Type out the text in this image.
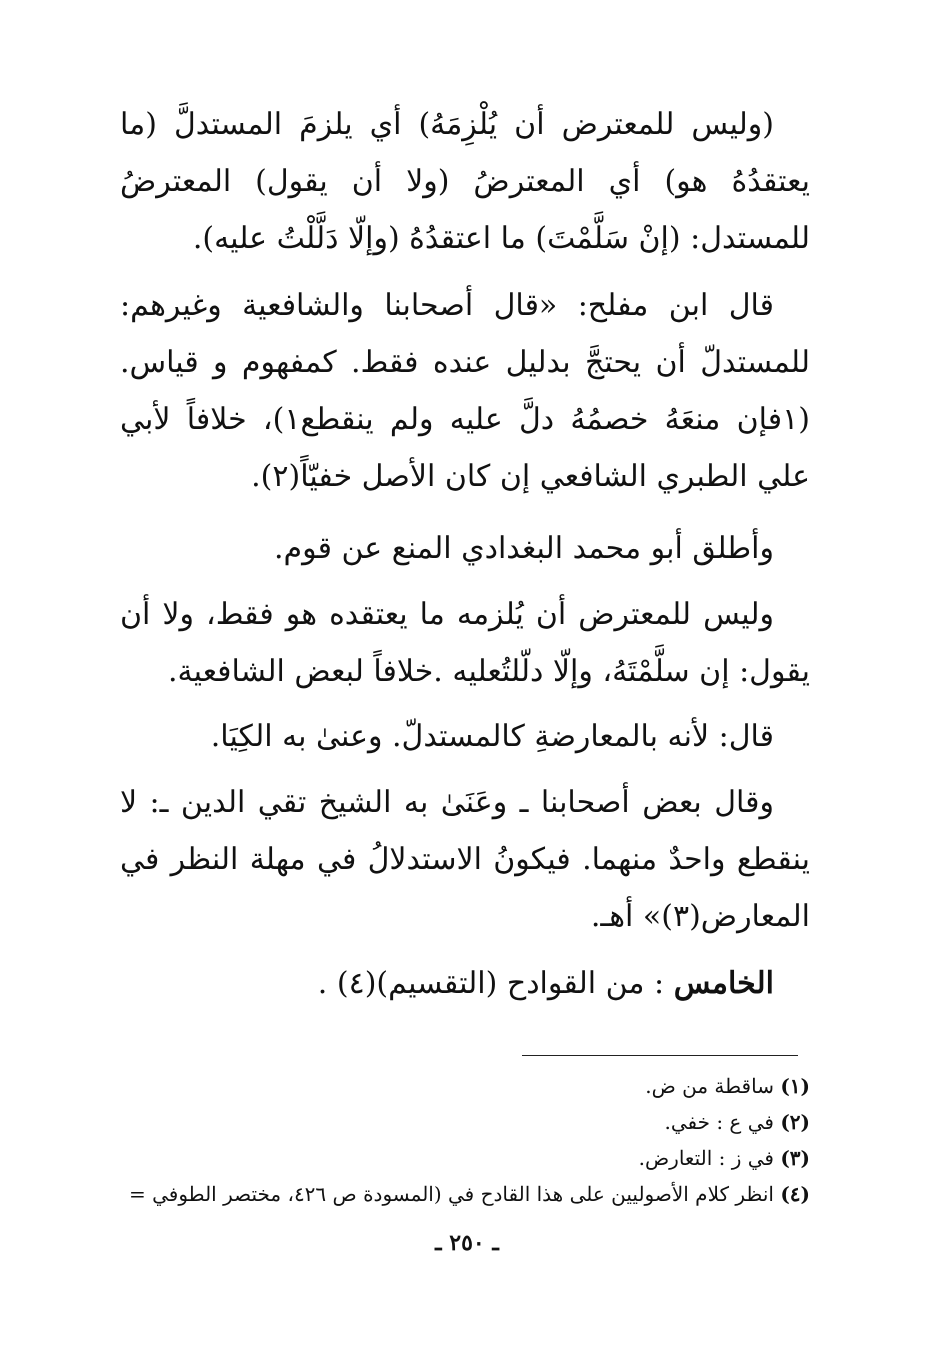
(وليس للمعترض أن يُلْزِمَهُ) أي يلزمَ المستدلَّ (ما يعتقدُهُ هو) أي المعترضُ (ولا أن يقول) المعترضُ للمستدل: (إنْ سَلَّمْتَ) ما اعتقدُهُ (وإلّا دَلَّلْتُ عليه).

قال ابن مفلح: «قال أصحابنا والشافعية وغيرهم: للمستدلّ أن يحتجَّ بدليل عنده فقط. كمفهوم و قياس. (١فإن منعَهُ خصمُهُ دلَّ عليه ولم ينقطع١)، خلافاً لأبي علي الطبري الشافعي إن كان الأصل خفيّاً(٢).

وأطلق أبو محمد البغدادي المنع عن قوم.

وليس للمعترض أن يُلزمه ما يعتقده هو فقط، ولا أن يقول: إن سلَّمْتَهُ، وإلّا دلّلتُعليه .خلافاً لبعض الشافعية.

قال: لأنه بالمعارضةِ كالمستدلّ. وعنىٰ به الكِيَا.

وقال بعض أصحابنا ـ وعَنَىٰ به الشيخ تقي الدين ـ: لا ينقطع واحدٌ منهما. فيكونُ الاستدلالُ في مهلة النظر في المعارض(٣)» أهـ.

الخامس : من القوادح (التقسيم)(٤) .

(١) ساقطة من ض.
(٢) في ع : خفي.
(٣) في ز : التعارض.
(٤) انظر كلام الأصوليين على هذا القادح في (المسودة ص ٤٢٦، مختصر الطوفي =
ـ ٢٥٠ ـ
